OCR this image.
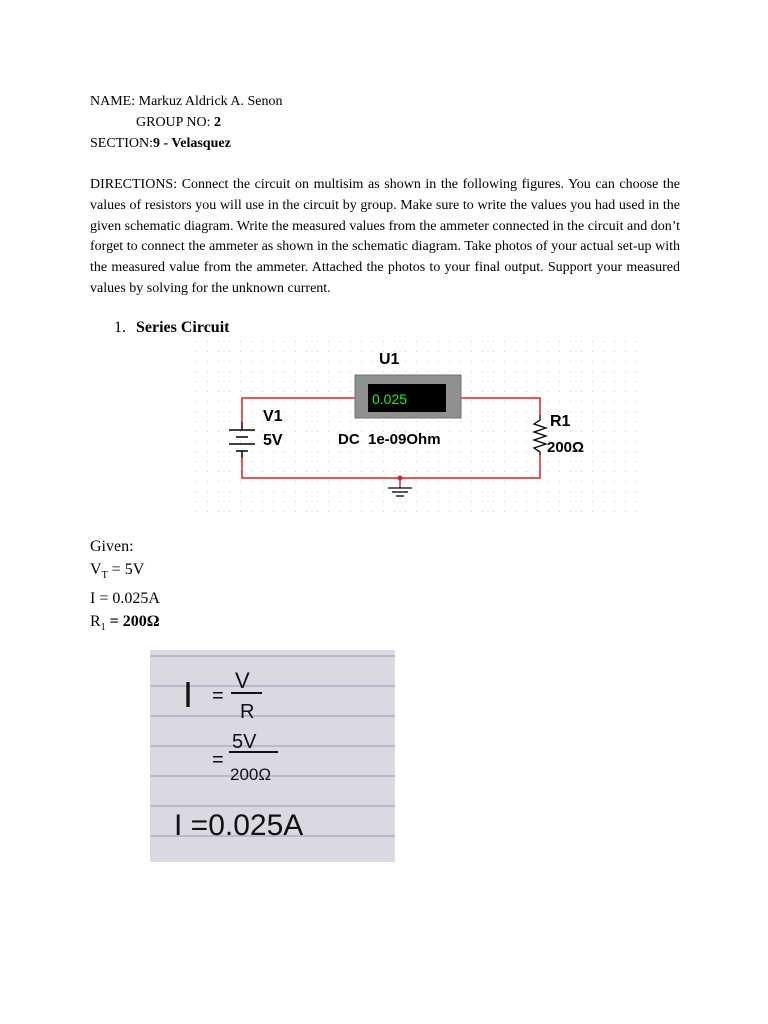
NAME: Markuz Aldrick A. Senon
GROUP NO: 2
SECTION:9 - Velasquez
DIRECTIONS: Connect the circuit on multisim as shown in the following figures. You can choose the values of resistors you will use in the circuit by group. Make sure to write the values you had used in the given schematic diagram. Write the measured values from the ammeter connected in the circuit and don’t forget to connect the ammeter as shown in the schematic diagram. Take photos of your actual set-up with the measured value from the ammeter. Attached the photos to your final output. Support your measured values by solving for the unknown current.
1. Series Circuit
U1
0.025
+	-
DC  1e-09Ohm
V1
5V
R1
200Ω
Given:
$V_T = 5V$
I = 0.025A
$R_1 = 200\Omega$
I =
V
R
=
5V
200Ω
I =0.025A
